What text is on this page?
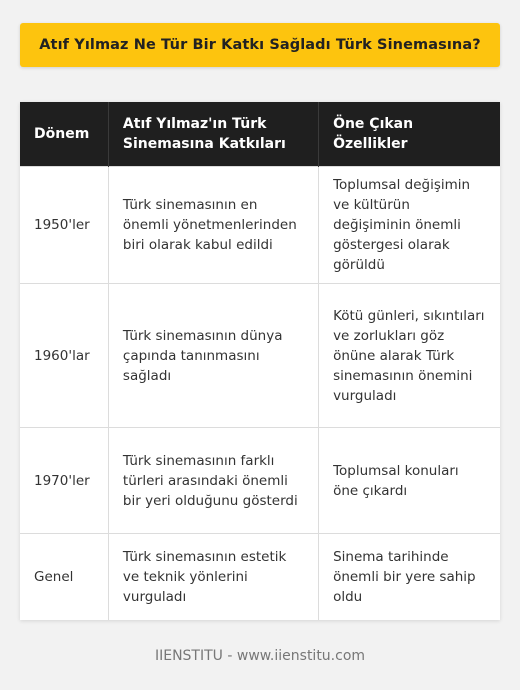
Atıf Yılmaz Ne Tür Bir Katkı Sağladı Türk Sinemasına?
Dönem	Atıf Yılmaz'ın Türk Sinemasına Katkıları	Öne Çıkan Özellikler
1950'ler	Türk sinemasının en önemli yönetmenlerinden biri olarak kabul edildi	Toplumsal değişimin ve kültürün değişiminin önemli göstergesi olarak görüldü
1960'lar	Türk sinemasının dünya çapında tanınmasını sağladı	Kötü günleri, sıkıntıları ve zorlukları göz önüne alarak Türk sinemasının önemini vurguladı
1970'ler	Türk sinemasının farklı türleri arasındaki önemli bir yeri olduğunu gösterdi	Toplumsal konuları öne çıkardı
Genel	Türk sinemasının estetik ve teknik yönlerini vurguladı	Sinema tarihinde önemli bir yere sahip oldu
IIENSTITU - www.iienstitu.com
